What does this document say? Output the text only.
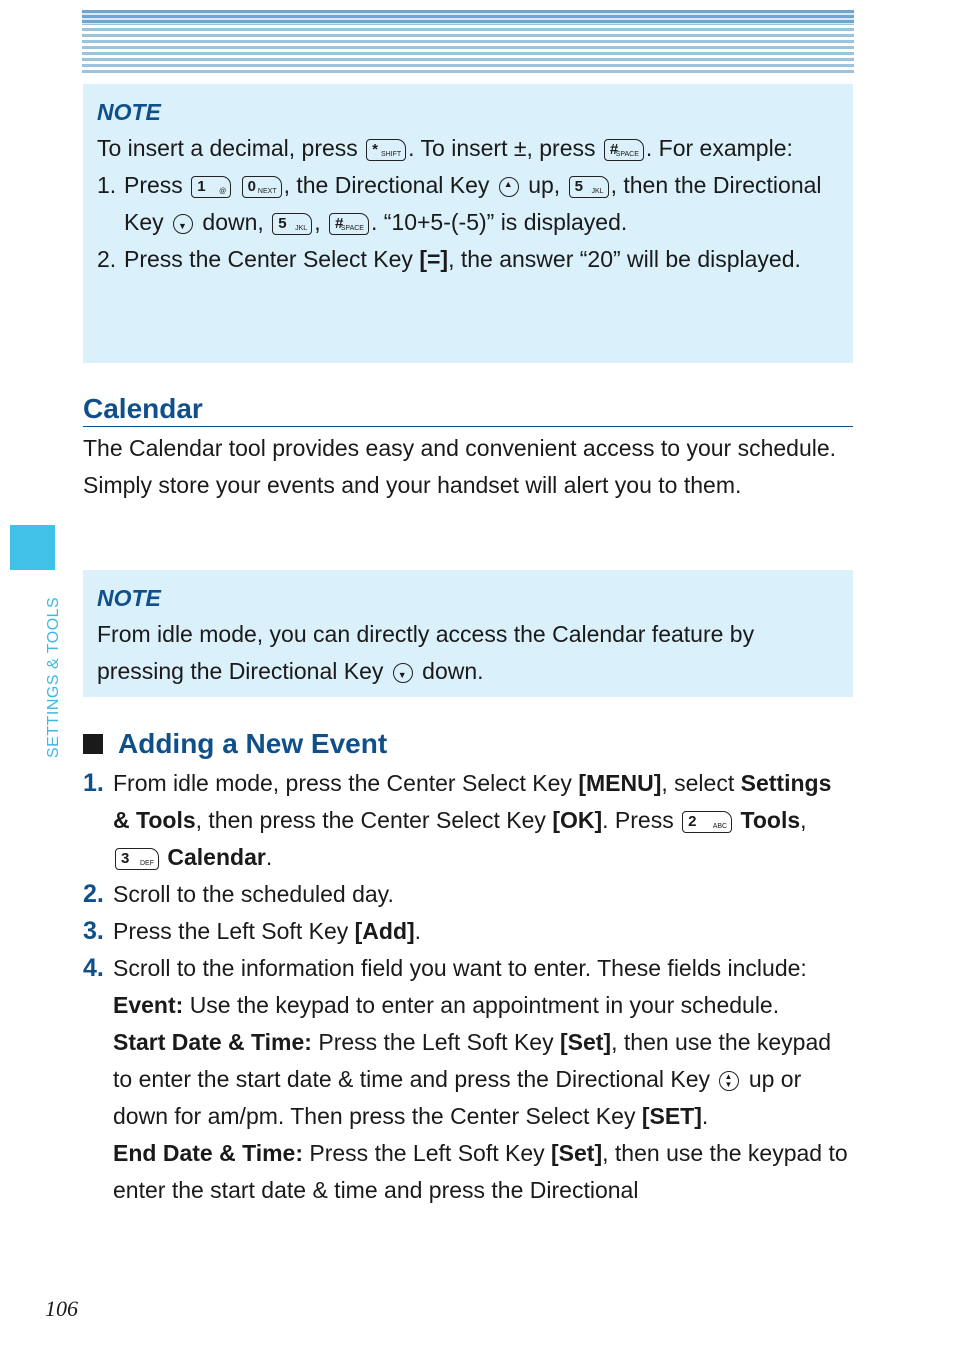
NOTE
To insert a decimal, press * SHIFT . To insert ±, press #
SPACE . For example:
1. Press 1 @
0 NEXT , the Directional Key ▲ up, 5 JKL , then the Directional Key ▼ down, 5 JKL , #
SPACE . “10+5-(-5)” is displayed.
2. Press the Center Select Key [=], the answer “20” will be displayed.
Calendar
The Calendar tool provides easy and convenient access to your schedule.
Simply store your events and your handset will alert you to them.
NOTE
From idle mode, you can directly access the Calendar feature by pressing the Directional Key ▼ down.
Adding a New Event
1. From idle mode, press the Center Select Key [MENU], select Settings & Tools, then press the Center Select Key [OK]. Press 2 ABC Tools,
3 DEF Calendar.
2. Scroll to the scheduled day.
3. Press the Left Soft Key [Add].
4. Scroll to the information field you want to enter. These fields include:
Event: Use the keypad to enter an appointment in your schedule.
Start Date & Time: Press the Left Soft Key [Set], then use the keypad to enter the start date & time and press the Directional Key ▲
▼ up or down for am/pm. Then press the Center Select Key [SET].
End Date & Time: Press the Left Soft Key [Set], then use the keypad to enter the start date & time and press the Directional
SETTINGS & TOOLS
106
